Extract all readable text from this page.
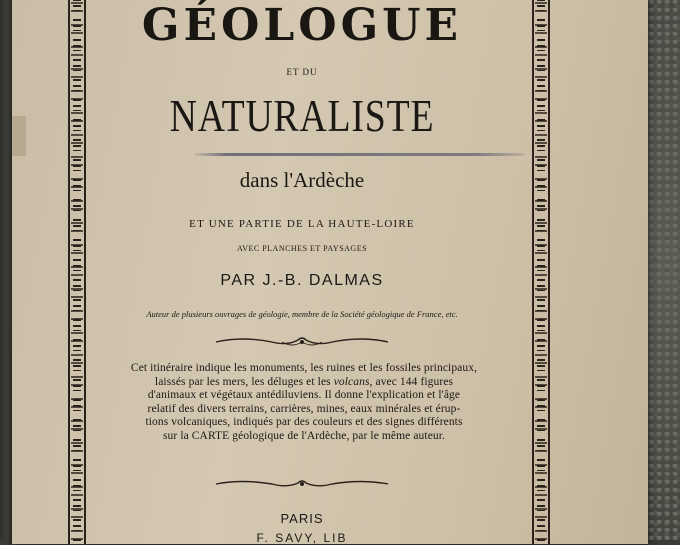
GÉOLOGUE
ET DU
NATURALISTE
dans l'Ardèche
ET UNE PARTIE DE LA HAUTE-LOIRE
AVEC PLANCHES ET PAYSAGES
PAR J.-B. DALMAS
Auteur de plusieurs ouvrages de géologie, membre de la Société géologique de France, etc.
Cet itinéraire indique les monuments, les ruines et les fossiles principaux,
laissés par les mers, les déluges et les volcans, avec 144 figures
d'animaux et végétaux antédiluviens. Il donne l'explication et l'âge
relatif des divers terrains, carrières, mines, eaux minérales et érup-
tions volcaniques, indiqués par des couleurs et des signes différents
sur la CARTE géologique de l'Ardèche, par le même auteur.
PARIS
F. SAVY, LIB
